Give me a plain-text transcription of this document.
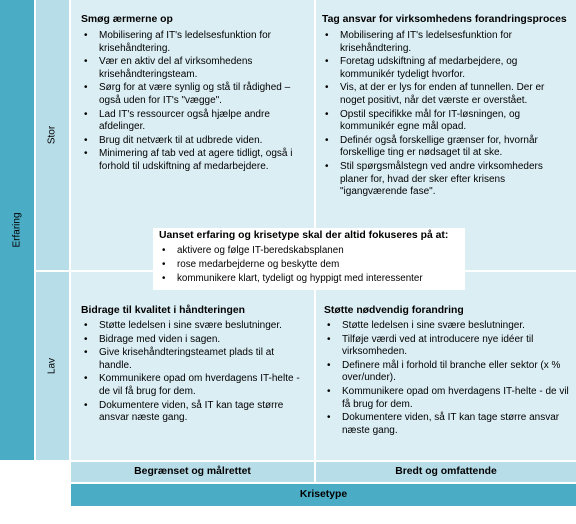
Erfaring
Stor
Lav
Smøg ærmerne op
• Mobilisering af IT's ledelsesfunktion for krisehåndtering.
• Vær en aktiv del af virksomhedens krisehåndteringsteam.
• Sørg for at være synlig og stå til rådighed – også uden for IT's "vægge".
• Lad IT's ressourcer også hjælpe andre afdelinger.
• Brug dit netværk til at udbrede viden.
• Minimering af tab ved at agere tidligt, også i forhold til udskiftning af medarbejdere.
Tag ansvar for virksomhedens forandringsproces
• Mobilisering af IT's ledelsesfunktion for krisehåndtering.
• Foretag udskiftning af medarbejdere, og kommunikér tydeligt hvorfor.
• Vis, at der er lys for enden af tunnellen. Der er noget positivt, når det værste er overstået.
• Opstil specifikke mål for IT-løsningen, og kommunikér egne mål opad.
• Definér også forskellige grænser for, hvornår forskellige ting er nødsaget til at ske.
• Stil spørgsmålstegn ved andre virksomheders planer for, hvad der sker efter krisens "igangværende fase".
Bidrage til kvalitet i håndteringen
• Støtte ledelsen i sine svære beslutninger.
• Bidrage med viden i sagen.
• Give krisehåndteringsteamet plads til at handle.
• Kommunikere opad om hverdagens IT-helte - de vil få brug for dem.
• Dokumentere viden, så IT kan tage større ansvar næste gang.
Støtte nødvendig forandring
• Støtte ledelsen i sine svære beslutninger.
• Tilføje værdi ved at introducere nye idéer til virksomheden.
• Definere mål i forhold til branche eller sektor (x % over/under).
• Kommunikere opad om hverdagens IT-helte - de vil få brug for dem.
• Dokumentere viden, så IT kan tage større ansvar næste gang.
Uanset erfaring og krisetype skal der altid fokuseres på at:
• aktivere og følge IT-beredskabsplanen
• rose medarbejderne og beskytte dem
• kommunikere klart, tydeligt og hyppigt med interessenter
Begrænset og målrettet	Bredt og omfattende
Krisetype
